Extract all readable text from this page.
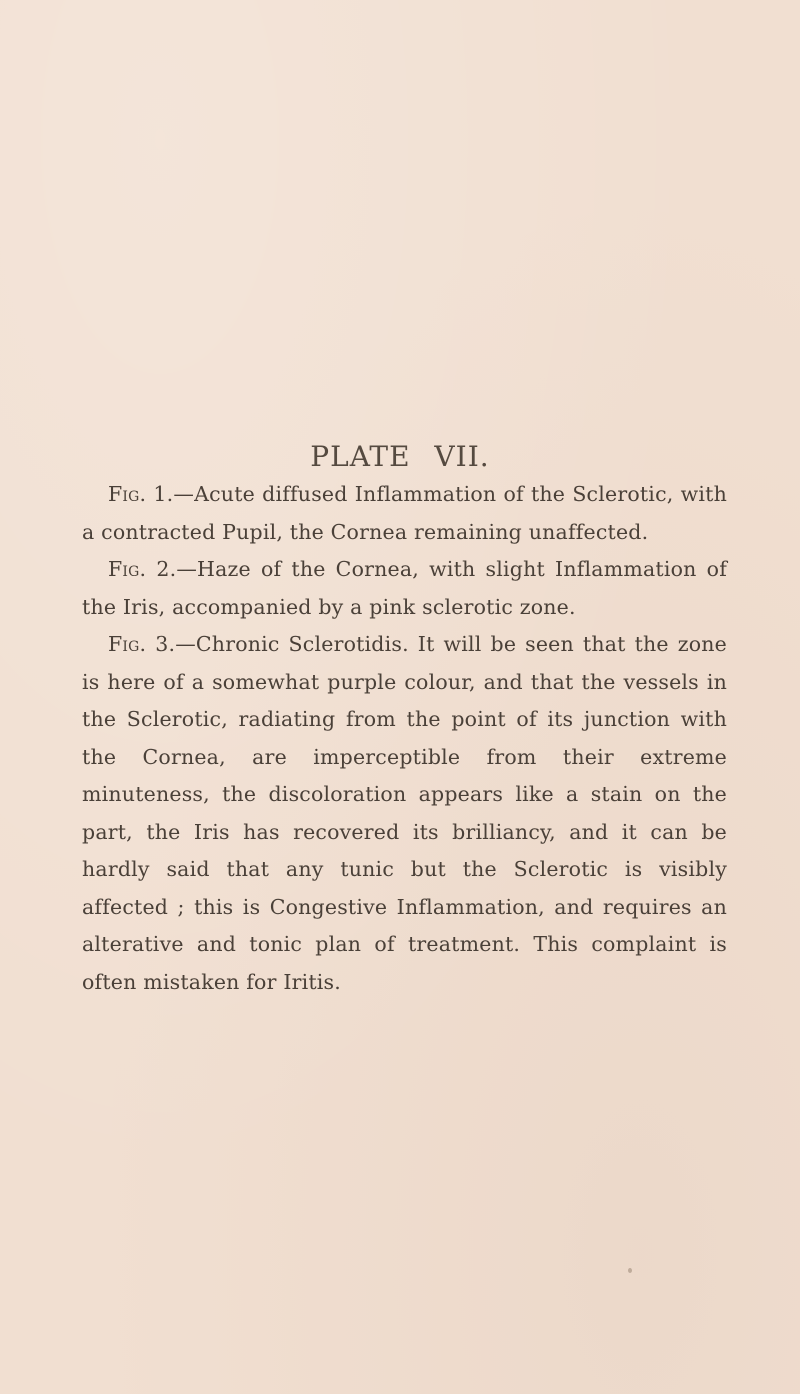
PLATE VII.

Fig. 1.—Acute diffused Inflammation of the Sclerotic, with a contracted Pupil, the Cornea remaining unaffected.

Fig. 2.—Haze of the Cornea, with slight Inflammation of the Iris, accompanied by a pink sclerotic zone.

Fig. 3.—Chronic Sclerotidis. It will be seen that the zone is here of a somewhat purple colour, and that the vessels in the Sclerotic, radiating from the point of its junction with the Cornea, are imperceptible from their extreme minuteness, the discoloration appears like a stain on the part, the Iris has recovered its brilliancy, and it can be hardly said that any tunic but the Sclerotic is visibly affected ; this is Congestive Inflammation, and requires an alterative and tonic plan of treatment. This complaint is often mistaken for Iritis.
